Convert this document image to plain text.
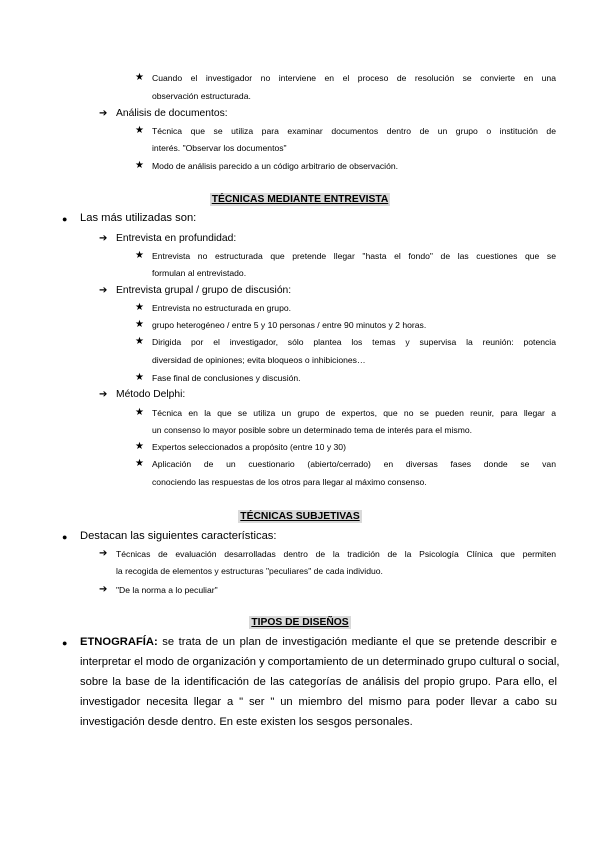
★ Cuando el investigador no interviene en el proceso de resolución se convierte en una
observación estructurada.
➔ Análisis de documentos:
★ Técnica que se utiliza para examinar documentos dentro de un grupo o institución de
interés. "Observar los documentos"
★ Modo de análisis parecido a un código arbitrario de observación.
TÉCNICAS MEDIANTE ENTREVISTA
● Las más utilizadas son:
➔ Entrevista en profundidad:
★ Entrevista no estructurada que pretende llegar "hasta el fondo" de las cuestiones que se
formulan al entrevistado.
➔ Entrevista grupal / grupo de discusión:
★ Entrevista no estructurada en grupo.
★ grupo heterogéneo / entre 5 y 10 personas / entre 90 minutos y 2 horas.
★ Dirigida por el investigador, sólo plantea los temas y supervisa la reunión: potencia
diversidad de opiniones; evita bloqueos o inhibiciones…
★ Fase final de conclusiones y discusión.
➔ Método Delphi:
★ Técnica en la que se utiliza un grupo de expertos, que no se pueden reunir, para llegar a
un consenso lo mayor posible sobre un determinado tema de interés para el mismo.
★ Expertos seleccionados a propósito (entre 10 y 30)
★ Aplicación de un cuestionario (abierto/cerrado) en diversas fases donde se van
conociendo las respuestas de los otros para llegar al máximo consenso.
TÉCNICAS SUBJETIVAS
● Destacan las siguientes características:
➔ Técnicas de evaluación desarrolladas dentro de la tradición de la Psicología Clínica que permiten
la recogida de elementos y estructuras "peculiares" de cada individuo.
➔ "De la norma a lo peculiar"
TIPOS DE DISEÑOS
● ETNOGRAFÍA: se trata de un plan de investigación mediante el que se pretende describir e
interpretar el modo de organización y comportamiento de un determinado grupo cultural o social,
sobre la base de la identificación de las categorías de análisis del propio grupo. Para ello, el
investigador necesita llegar a " ser " un miembro del mismo para poder llevar a cabo su
investigación desde dentro. En este existen los sesgos personales.
